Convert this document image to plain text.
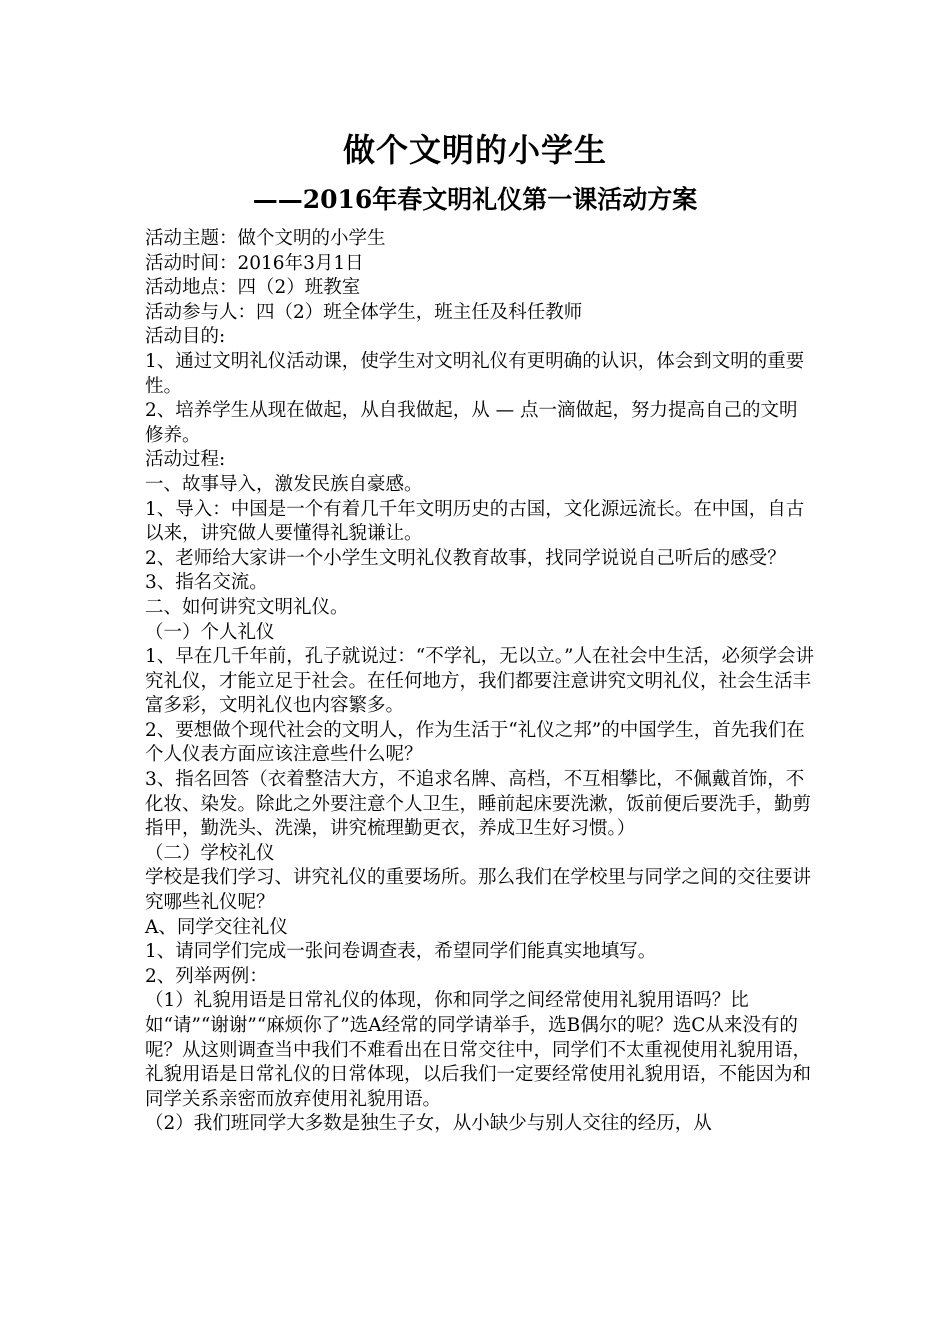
做个文明的小学生
——2016年春文明礼仪第一课活动方案

活动主题：做个文明的小学生

活动时间：2016年3月1日

活动地点：四（2）班教室

活动参与人：四（2）班全体学生，班主任及科任教师

活动目的:

1、通过文明礼仪活动课，使学生对文明礼仪有更明确的认识，体会到文明的重要性。

2、培养学生从现在做起，从自我做起，从 — 点一滴做起，努力提高自己的文明修养。

活动过程:

一、故事导入，激发民族自豪感。

1、导入：中国是一个有着几千年文明历史的古国，文化源远流长。在中国，自古以来，讲究做人要懂得礼貌谦让。

2、老师给大家讲一个小学生文明礼仪教育故事，找同学说说自己听后的感受？

3、指名交流。

二、如何讲究文明礼仪。

（一）个人礼仪

1、早在几千年前，孔子就说过：“不学礼，无以立。”人在社会中生活，必须学会讲究礼仪，才能立足于社会。在任何地方，我们都要注意讲究文明礼仪，社会生活丰富多彩，文明礼仪也内容繁多。

2、要想做个现代社会的文明人，作为生活于“礼仪之邦”的中国学生，首先我们在个人仪表方面应该注意些什么呢？

3、指名回答（衣着整洁大方，不追求名牌、高档，不互相攀比，不佩戴首饰，不化妆、染发。除此之外要注意个人卫生，睡前起床要洗漱，饭前便后要洗手，勤剪指甲，勤洗头、洗澡，讲究梳理勤更衣，养成卫生好习惯。）

（二）学校礼仪

学校是我们学习、讲究礼仪的重要场所。那么我们在学校里与同学之间的交往要讲究哪些礼仪呢？

A、同学交往礼仪

1、请同学们完成一张问卷调查表，希望同学们能真实地填写。

2、列举两例：

（1）礼貌用语是日常礼仪的体现，你和同学之间经常使用礼貌用语吗？比如“请”“谢谢”“麻烦你了”选A经常的同学请举手，选B偶尔的呢？选C从来没有的呢？从这则调查当中我们不难看出在日常交往中，同学们不太重视使用礼貌用语，礼貌用语是日常礼仪的日常体现，以后我们一定要经常使用礼貌用语，不能因为和同学关系亲密而放弃使用礼貌用语。

（2）我们班同学大多数是独生子女，从小缺少与别人交往的经历，从
